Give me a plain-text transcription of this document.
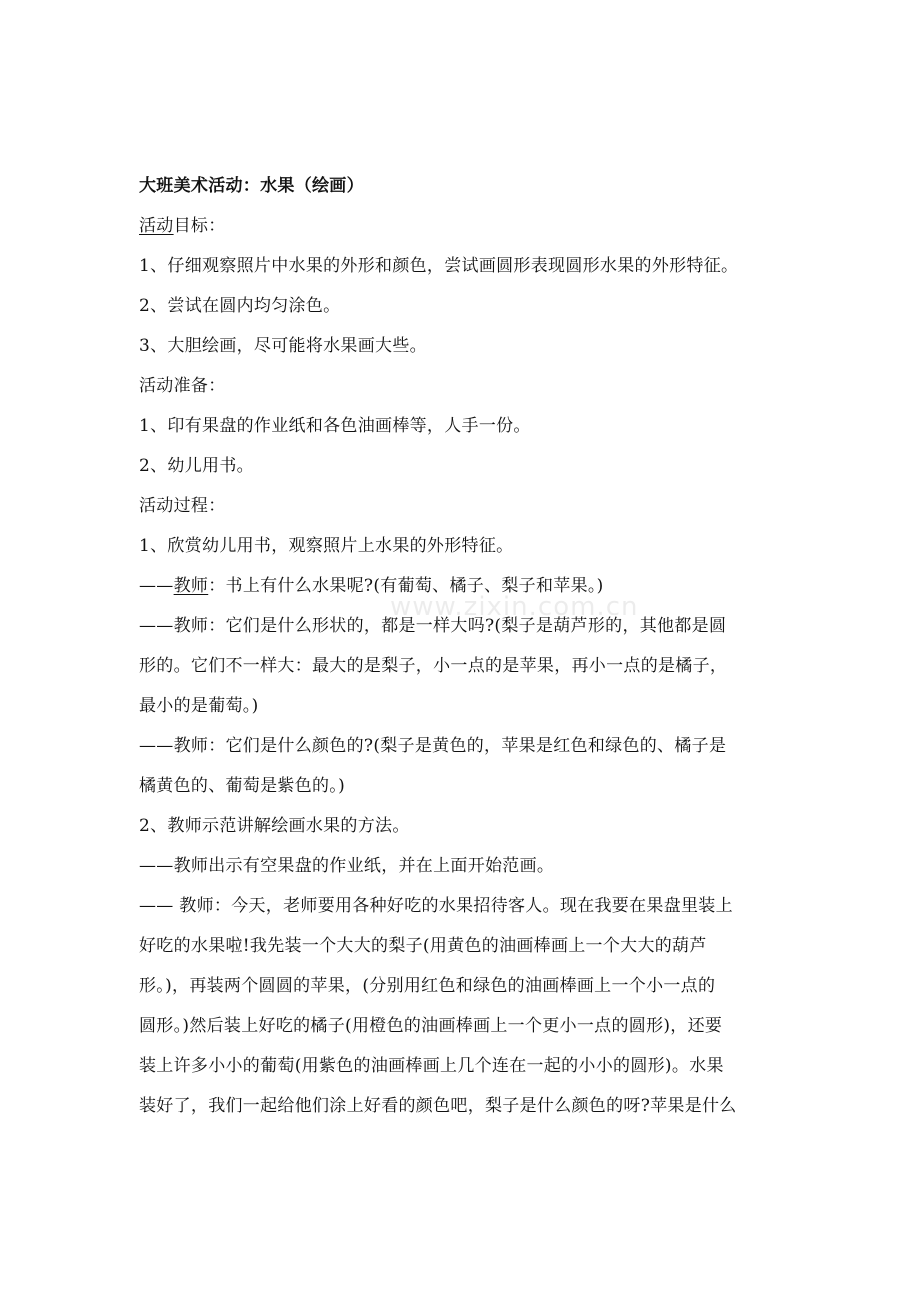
大班美术活动：水果（绘画）
活动目标：
1、仔细观察照片中水果的外形和颜色，尝试画圆形表现圆形水果的外形特征。
2、尝试在圆内均匀涂色。
3、大胆绘画，尽可能将水果画大些。
活动准备：
1、印有果盘的作业纸和各色油画棒等，人手一份。
2、幼儿用书。
活动过程：
1、欣赏幼儿用书，观察照片上水果的外形特征。
——教师：书上有什么水果呢?(有葡萄、橘子、梨子和苹果。)
——教师：它们是什么形状的，都是一样大吗?(梨子是葫芦形的，其他都是圆
形的。它们不一样大：最大的是梨子，小一点的是苹果，再小一点的是橘子，
最小的是葡萄。)
——教师：它们是什么颜色的?(梨子是黄色的，苹果是红色和绿色的、橘子是
橘黄色的、葡萄是紫色的。)
2、教师示范讲解绘画水果的方法。
——教师出示有空果盘的作业纸，并在上面开始范画。
—— 教师：今天，老师要用各种好吃的水果招待客人。现在我要在果盘里装上
好吃的水果啦!我先装一个大大的梨子(用黄色的油画棒画上一个大大的葫芦
形。)，再装两个圆圆的苹果，(分别用红色和绿色的油画棒画上一个小一点的
圆形。)然后装上好吃的橘子(用橙色的油画棒画上一个更小一点的圆形)，还要
装上许多小小的葡萄(用紫色的油画棒画上几个连在一起的小小的圆形)。水果
装好了，我们一起给他们涂上好看的颜色吧，梨子是什么颜色的呀?苹果是什么
www.zixin.com.cn
